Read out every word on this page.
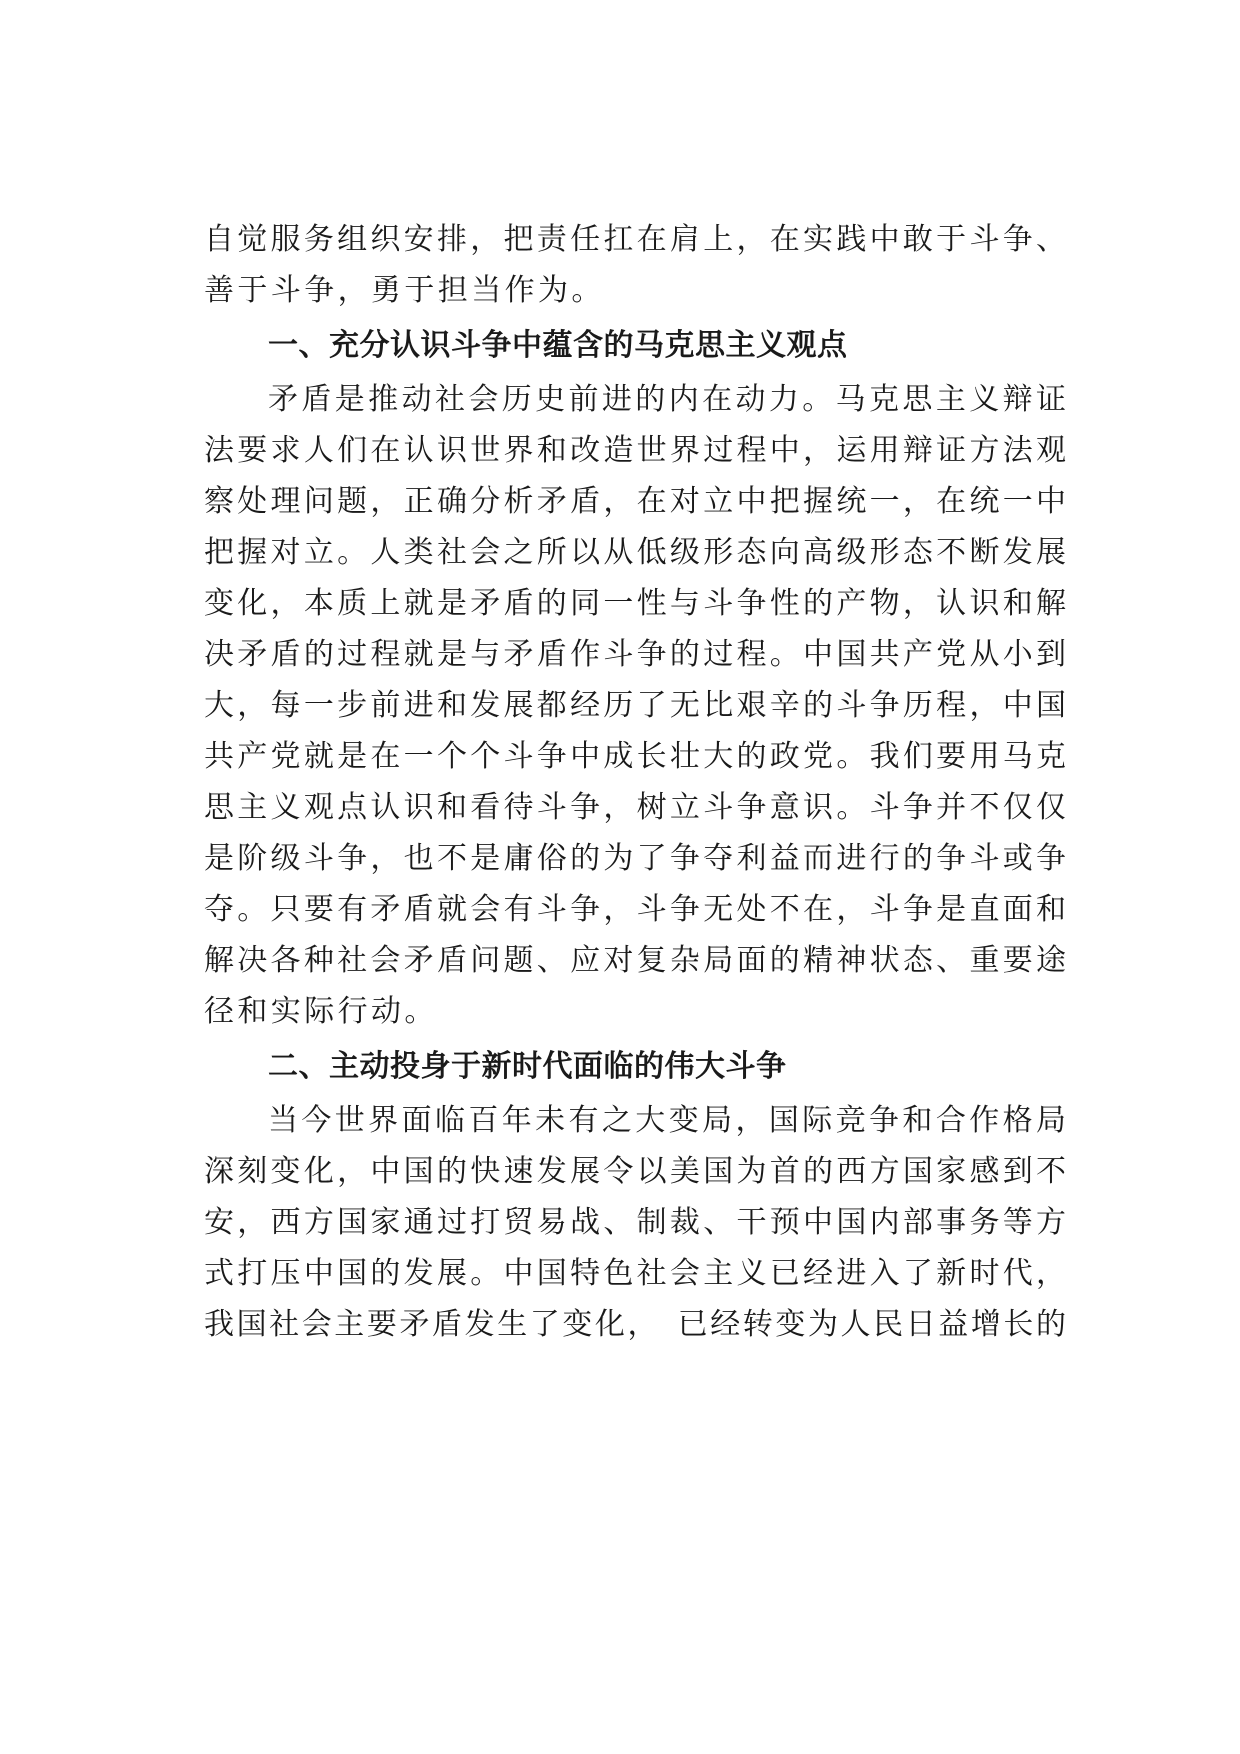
自觉服务组织安排，把责任扛在肩上，在实践中敢于斗争、
善于斗争，勇于担当作为。
一、充分认识斗争中蕴含的马克思主义观点
矛盾是推动社会历史前进的内在动力。马克思主义辩证
法要求人们在认识世界和改造世界过程中，运用辩证方法观
察处理问题，正确分析矛盾，在对立中把握统一，在统一中
把握对立。人类社会之所以从低级形态向高级形态不断发展
变化，本质上就是矛盾的同一性与斗争性的产物，认识和解
决矛盾的过程就是与矛盾作斗争的过程。中国共产党从小到
大，每一步前进和发展都经历了无比艰辛的斗争历程，中国
共产党就是在一个个斗争中成长壮大的政党。我们要用马克
思主义观点认识和看待斗争，树立斗争意识。斗争并不仅仅
是阶级斗争，也不是庸俗的为了争夺利益而进行的争斗或争
夺。只要有矛盾就会有斗争，斗争无处不在，斗争是直面和
解决各种社会矛盾问题、应对复杂局面的精神状态、重要途
径和实际行动。
二、主动投身于新时代面临的伟大斗争
当今世界面临百年未有之大变局，国际竞争和合作格局
深刻变化，中国的快速发展令以美国为首的西方国家感到不
安，西方国家通过打贸易战、制裁、干预中国内部事务等方
式打压中国的发展。中国特色社会主义已经进入了新时代，
我国社会主要矛盾发生了变化，　已经转变为人民日益增长的
